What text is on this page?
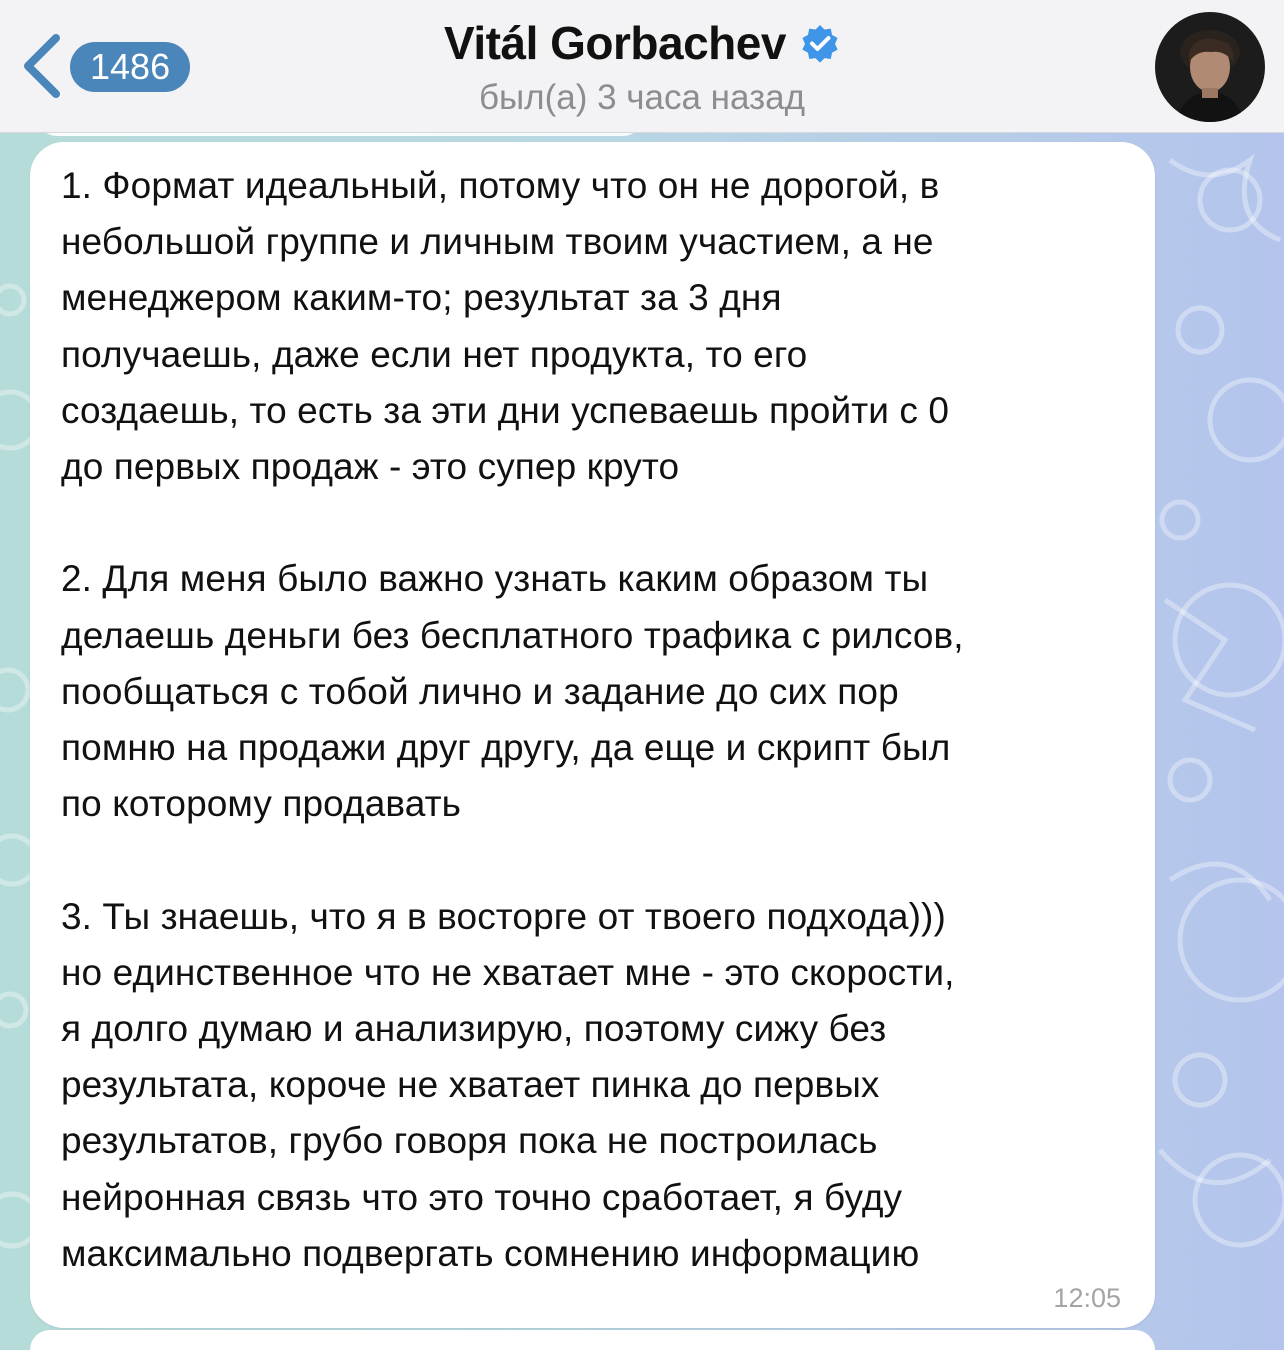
1486	Vitál Gorbachev
был(а) 3 часа назад

1. Формат идеальный, потому что он не дорогой, в
небольшой группе и личным твоим участием, а не
менеджером каким-то; результат за 3 дня
получаешь, даже если нет продукта, то его
создаешь, то есть за эти дни успеваешь пройти с 0
до первых продаж - это супер круто

2. Для меня было важно узнать каким образом ты
делаешь деньги без бесплатного трафика с рилсов,
пообщаться с тобой лично и задание до сих пор
помню на продажи друг другу, да еще и скрипт был
по которому продавать

3. Ты знаешь, что я в восторге от твоего подхода)))
но единственное что не хватает мне - это скорости,
я долго думаю и анализирую, поэтому сижу без
результата, короче не хватает пинка до первых
результатов, грубо говоря пока не построилась
нейронная связь что это точно сработает, я буду
максимально подвергать сомнению информацию

12:05
